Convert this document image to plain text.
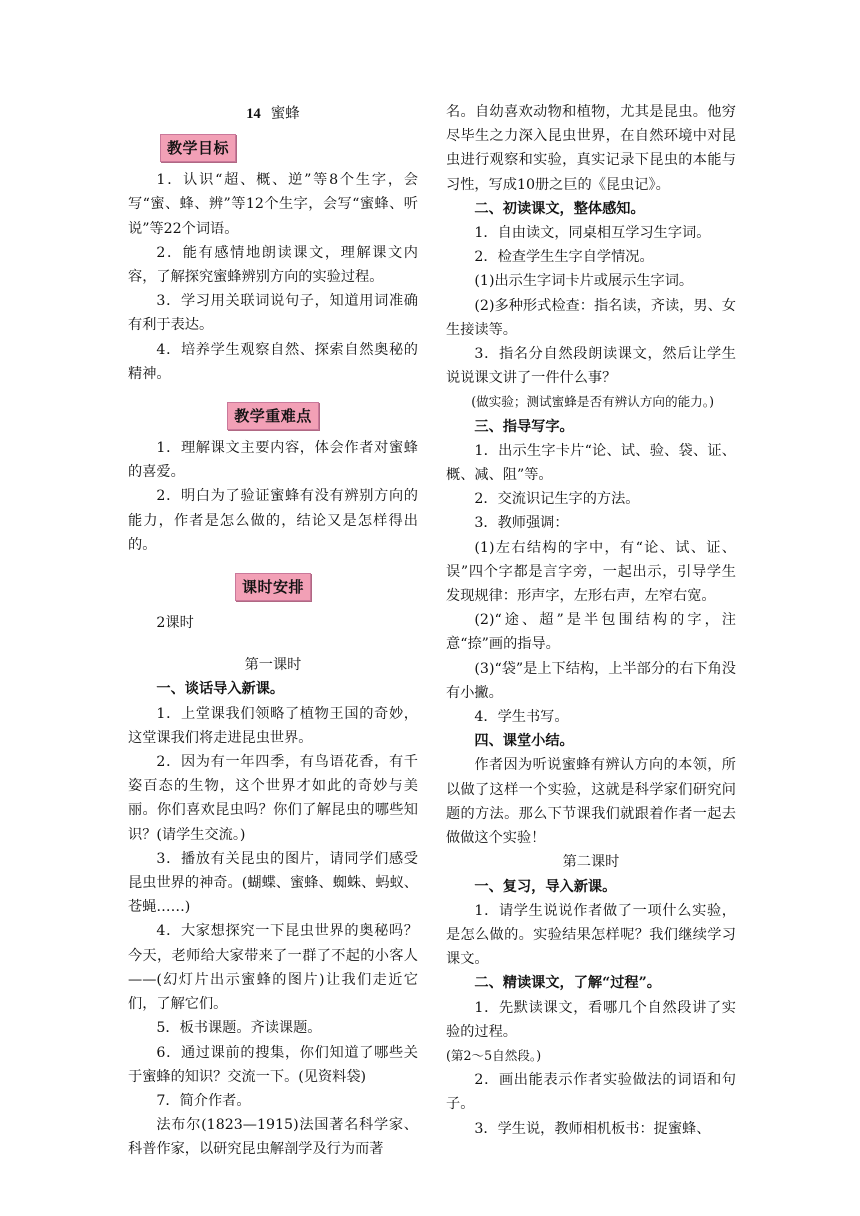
14 蜜蜂
教学目标

1．认识“超、概、逆”等8个生字，会写“蜜、蜂、辨”等12个生字，会写“蜜蜂、听说”等22个词语。

2．能有感情地朗读课文，理解课文内容，了解探究蜜蜂辨别方向的实验过程。

3．学习用关联词说句子，知道用词准确有利于表达。

4．培养学生观察自然、探索自然奥秘的精神。

教学重难点

1．理解课文主要内容，体会作者对蜜蜂的喜爱。

2．明白为了验证蜜蜂有没有辨别方向的能力，作者是怎么做的，结论又是怎样得出的。

课时安排

2课时

第一课时

一、谈话导入新课。

1．上堂课我们领略了植物王国的奇妙，这堂课我们将走进昆虫世界。

2．因为有一年四季，有鸟语花香，有千姿百态的生物，这个世界才如此的奇妙与美丽。你们喜欢昆虫吗？你们了解昆虫的哪些知识？(请学生交流。)

3．播放有关昆虫的图片，请同学们感受昆虫世界的神奇。(蝴蝶、蜜蜂、蜘蛛、蚂蚁、苍蝇……)

4．大家想探究一下昆虫世界的奥秘吗？今天，老师给大家带来了一群了不起的小客人——(幻灯片出示蜜蜂的图片)让我们走近它们，了解它们。

5．板书课题。齐读课题。

6．通过课前的搜集，你们知道了哪些关于蜜蜂的知识？交流一下。(见资料袋)

7．简介作者。

法布尔(1823—1915)法国著名科学家、科普作家，以研究昆虫解剖学及行为而著

名。自幼喜欢动物和植物，尤其是昆虫。他穷尽毕生之力深入昆虫世界，在自然环境中对昆虫进行观察和实验，真实记录下昆虫的本能与习性，写成10册之巨的《昆虫记》。

二、初读课文，整体感知。

1．自由读文，同桌相互学习生字词。

2．检查学生生字自学情况。

(1)出示生字词卡片或展示生字词。

(2)多种形式检查：指名读，齐读，男、女生接读等。

3．指名分自然段朗读课文，然后让学生说说课文讲了一件什么事？

(做实验；测试蜜蜂是否有辨认方向的能力。)

三、指导写字。

1．出示生字卡片“论、试、验、袋、证、概、减、阻”等。

2．交流识记生字的方法。

3．教师强调：

(1)左右结构的字中，有“论、试、证、误”四个字都是言字旁，一起出示，引导学生发现规律：形声字，左形右声，左窄右宽。

(2)“途、超”是半包围结构的字，注意“捺”画的指导。

(3)“袋”是上下结构，上半部分的右下角没有小撇。

4．学生书写。

四、课堂小结。

作者因为听说蜜蜂有辨认方向的本领，所以做了这样一个实验，这就是科学家们研究问题的方法。那么下节课我们就跟着作者一起去做做这个实验！

第二课时

一、复习，导入新课。

1．请学生说说作者做了一项什么实验，是怎么做的。实验结果怎样呢？我们继续学习课文。

二、精读课文，了解“过程”。

1．先默读课文，看哪几个自然段讲了实验的过程。

(第2～5自然段。)

2．画出能表示作者实验做法的词语和句子。

3．学生说，教师相机板书：捉蜜蜂、
